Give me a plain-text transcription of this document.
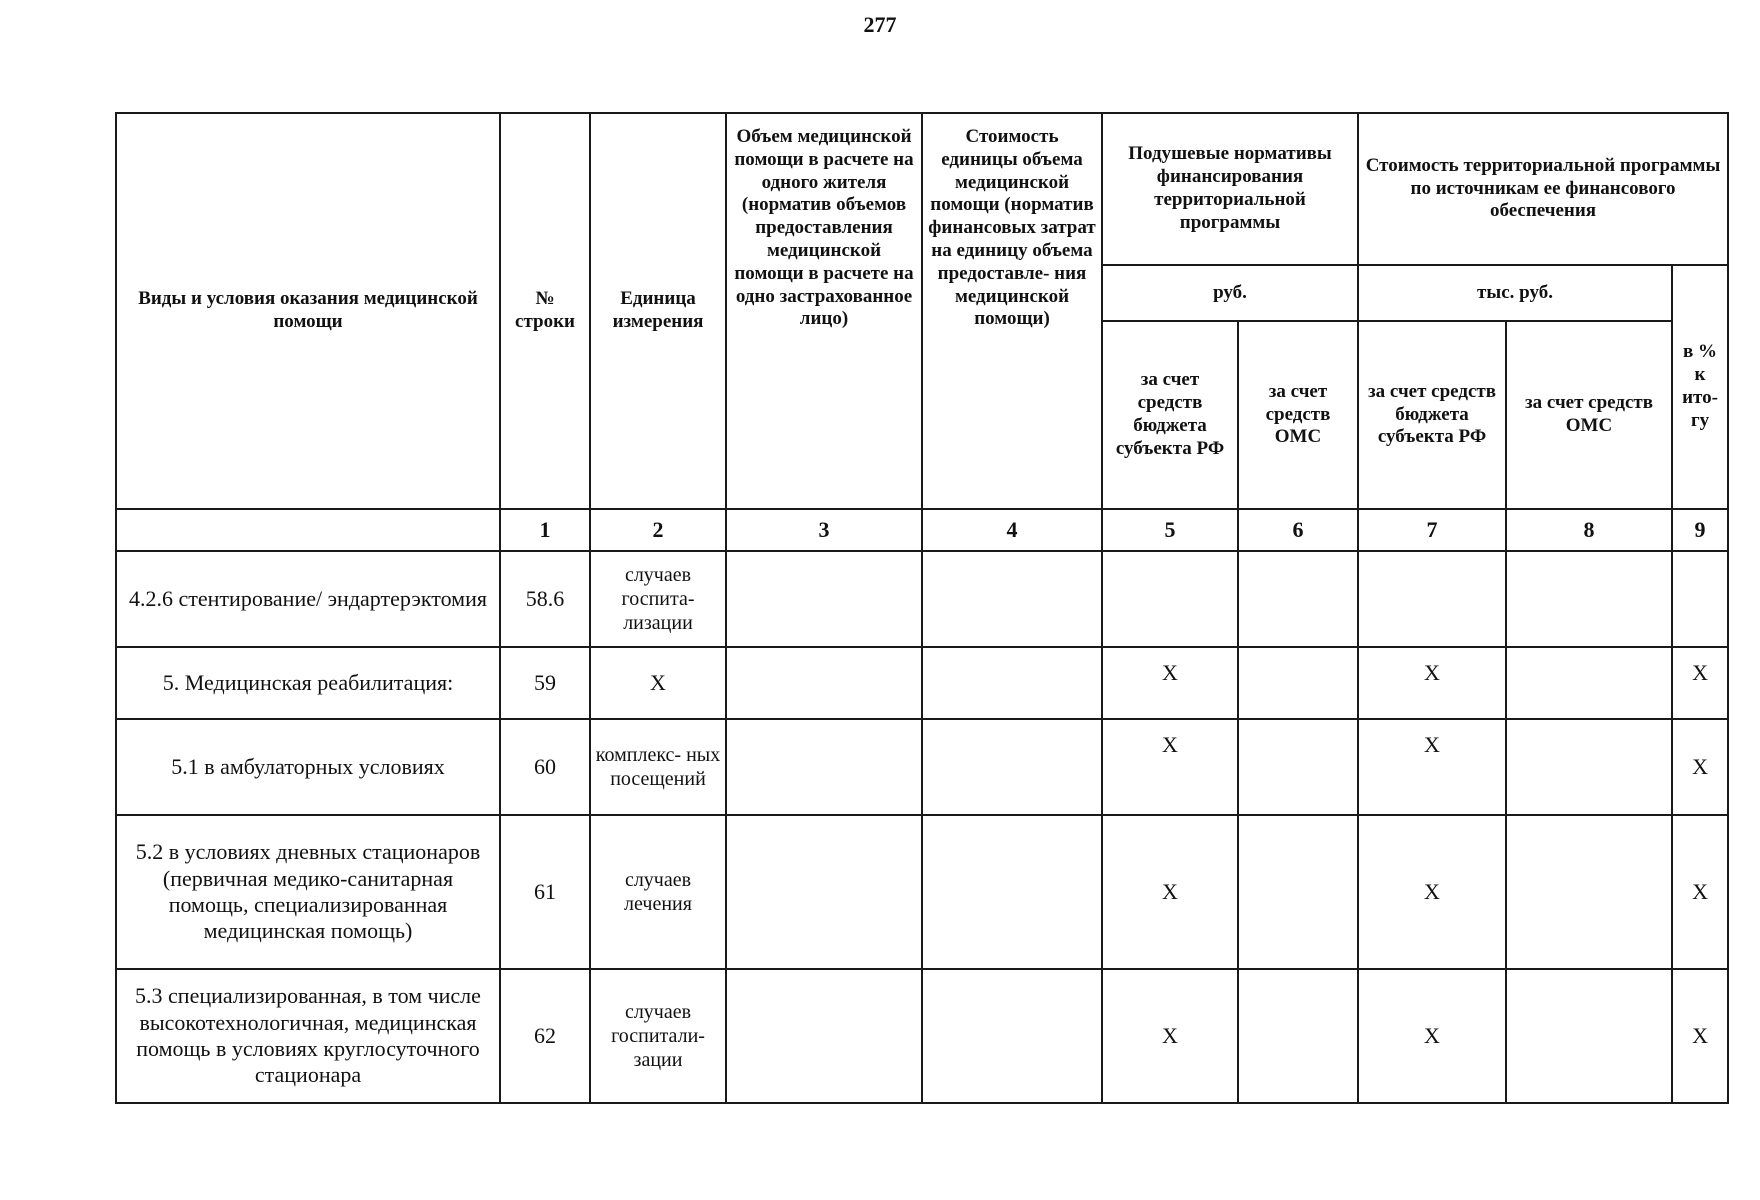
277
Виды и условия оказания медицинской помощи	№ строки	Единица измерения	Объем медицинской помощи в расчете на одного жителя (норматив объемов предоставления медицинской помощи в расчете на одно застрахованное лицо)	Стоимость единицы объема медицинской помощи (норматив финансовых затрат на единицу объема предоставле- ния медицинской помощи)	Подушевые нормативы финансирования территориальной программы		Стоимость территориальной программы по источникам ее финансового обеспечения		
					руб.		тыс. руб.		в % к ито- гу
					за счет средств бюджета субъекта РФ	за счет средств ОМС	за счет средств бюджета субъекта РФ	за счет средств ОМС	
	1	2	3	4	5	6	7	8	9
4.2.6 стентирование/ эндартерэктомия	58.6	случаев госпита- лизации							
5. Медицинская реабилитация:	59	X			X		X		X
5.1 в амбулаторных условиях	60	комплекс- ных посещений			X		X		X
5.2 в условиях дневных стационаров (первичная медико-санитарная помощь, специализированная медицинская помощь)	61	случаев лечения			X		X		X
5.3 специализированная, в том числе высокотехнологичная, медицинская помощь в условиях круглосуточного стационара	62	случаев госпитали- зации			X		X		X
